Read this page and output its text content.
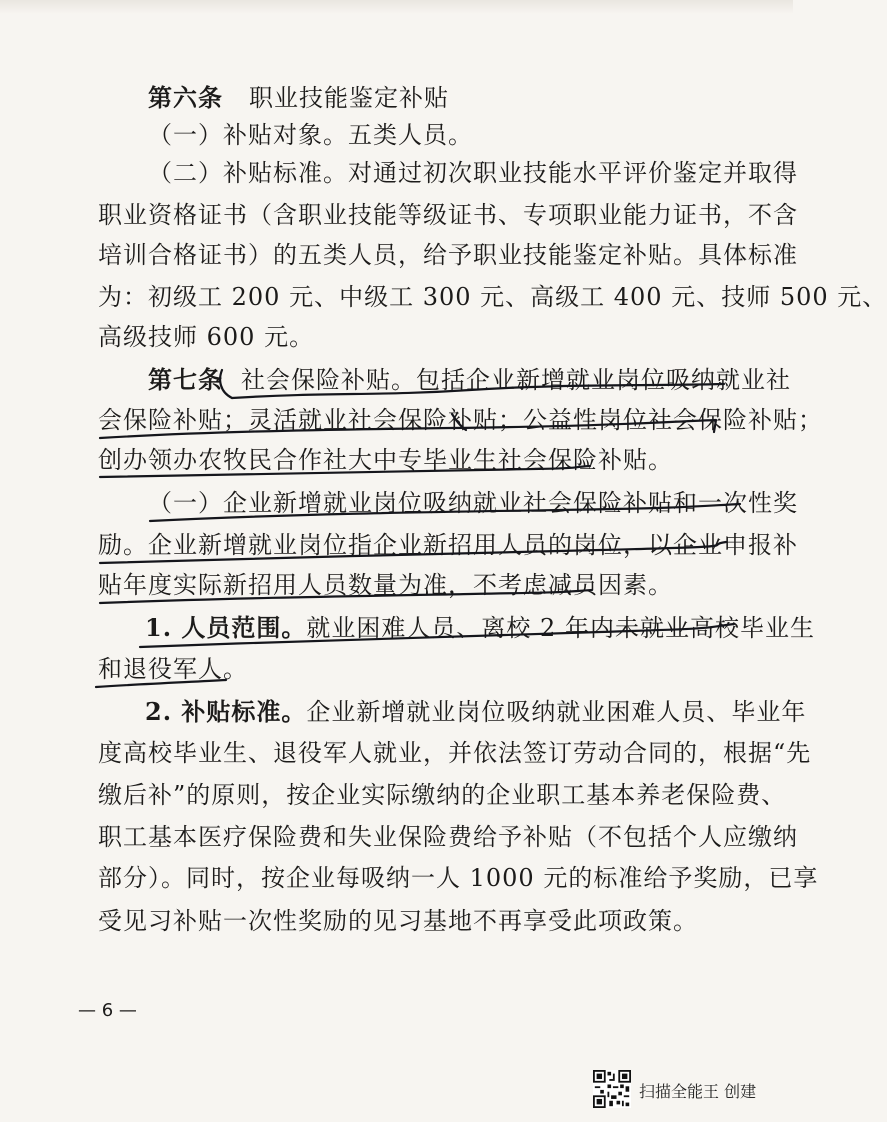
第六条 职业技能鉴定补贴
（一）补贴对象。五类人员。
（二）补贴标准。对通过初次职业技能水平评价鉴定并取得
职业资格证书（含职业技能等级证书、专项职业能力证书，不含
培训合格证书）的五类人员，给予职业技能鉴定补贴。具体标准
为：初级工 200 元、中级工 300 元、高级工 400 元、技师 500 元、
高级技师 600 元。
第七条 社会保险补贴。包括企业新增就业岗位吸纳就业社
会保险补贴；灵活就业社会保险补贴；公益性岗位社会保险补贴；
创办领办农牧民合作社大中专毕业生社会保险补贴。
（一）企业新增就业岗位吸纳就业社会保险补贴和一次性奖
励。企业新增就业岗位指企业新招用人员的岗位，以企业申报补
贴年度实际新招用人员数量为准，不考虑减员因素。
1. 人员范围。就业困难人员、离校 2 年内未就业高校毕业生
和退役军人。
2. 补贴标准。企业新增就业岗位吸纳就业困难人员、毕业年
度高校毕业生、退役军人就业，并依法签订劳动合同的，根据“先
缴后补”的原则，按企业实际缴纳的企业职工基本养老保险费、
职工基本医疗保险费和失业保险费给予补贴（不包括个人应缴纳
部分）。同时，按企业每吸纳一人 1000 元的标准给予奖励，已享
受见习补贴一次性奖励的见习基地不再享受此项政策。
— 6 —
扫描全能王 创建
